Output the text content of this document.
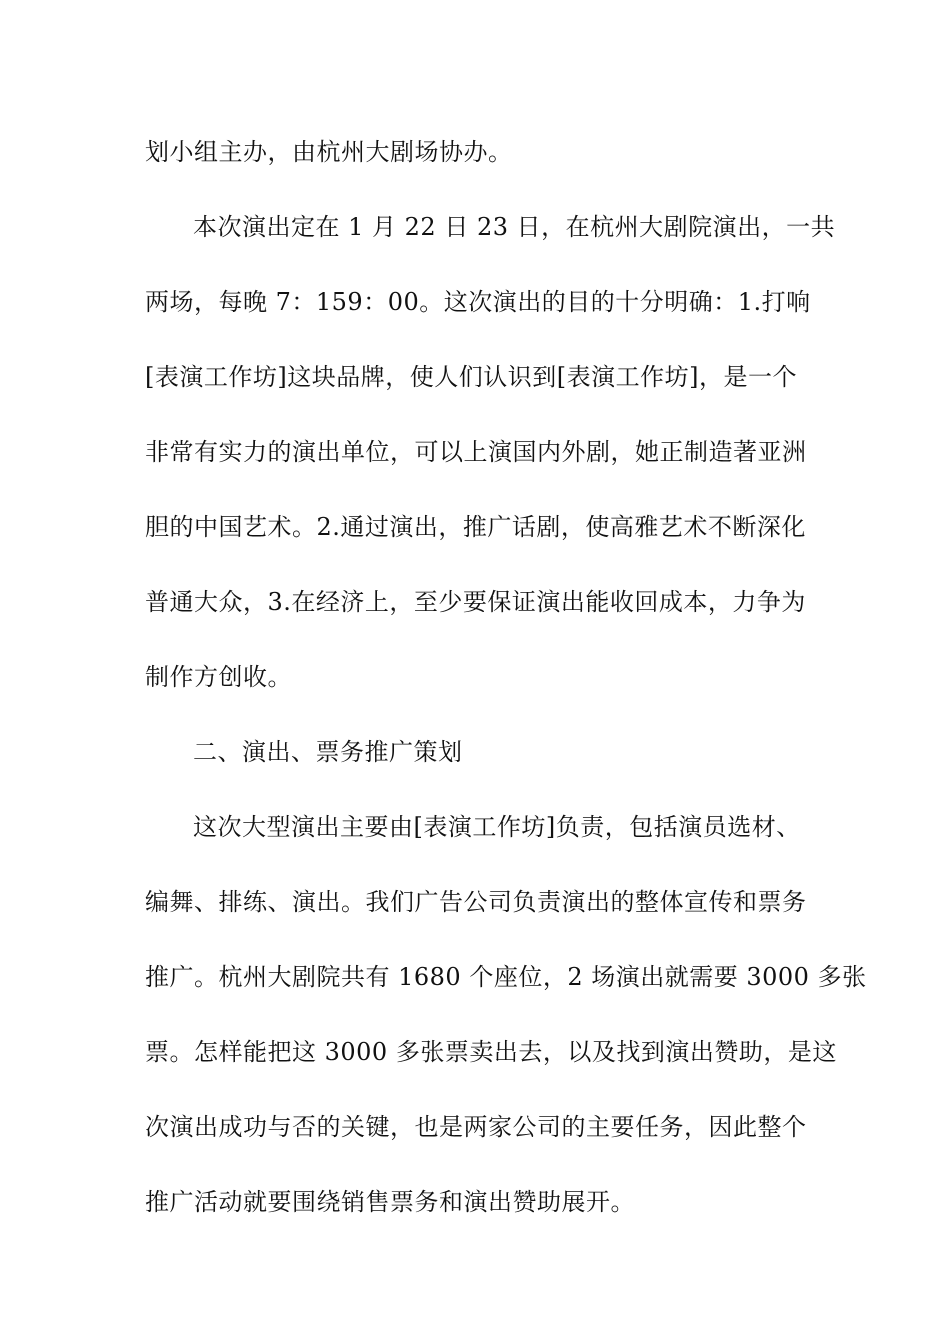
划小组主办，由杭州大剧场协办。
本次演出定在 1 月 22 日 23 日，在杭州大剧院演出，一共
两场，每晚 7：159：00。这次演出的目的十分明确：1.打响
[表演工作坊]这块品牌，使人们认识到[表演工作坊]，是一个
非常有实力的演出单位，可以上演国内外剧，她正制造著亚洲
胆的中国艺术。2.通过演出，推广话剧，使高雅艺术不断深化
普通大众，3.在经济上，至少要保证演出能收回成本，力争为
制作方创收。
二、演出、票务推广策划
这次大型演出主要由[表演工作坊]负责，包括演员选材、
编舞、排练、演出。我们广告公司负责演出的整体宣传和票务
推广。杭州大剧院共有 1680 个座位，2 场演出就需要 3000 多张
票。怎样能把这 3000 多张票卖出去，以及找到演出赞助，是这
次演出成功与否的关键，也是两家公司的主要任务，因此整个
推广活动就要围绕销售票务和演出赞助展开。
